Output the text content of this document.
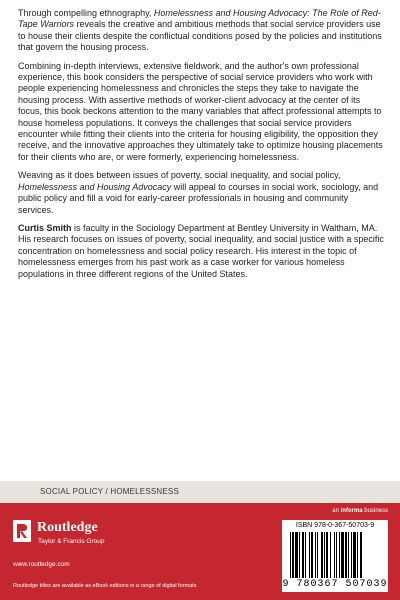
Through compelling ethnography, Homelessness and Housing Advocacy: The Role of Red-Tape Warriors reveals the creative and ambitious methods that social service providers use to house their clients despite the conflictual conditions posed by the policies and institutions that govern the housing process.

Combining in-depth interviews, extensive fieldwork, and the author's own professional experience, this book considers the perspective of social service providers who work with people experiencing homelessness and chronicles the steps they take to navigate the housing process. With assertive methods of worker-client advocacy at the center of its focus, this book beckons attention to the many variables that affect professional attempts to house homeless populations. It conveys the challenges that social service providers encounter while fitting their clients into the criteria for housing eligibility, the opposition they receive, and the innovative approaches they ultimately take to optimize housing placements for their clients who are, or were formerly, experiencing homelessness.

Weaving as it does between issues of poverty, social inequality, and social policy, Homelessness and Housing Advocacy will appeal to courses in social work, sociology, and public policy and fill a void for early-career professionals in housing and community services.

Curtis Smith is faculty in the Sociology Department at Bentley University in Waltham, MA. His research focuses on issues of poverty, social inequality, and social justice with a specific concentration on homelessness and social policy research. His interest in the topic of homelessness emerges from his past work as a case worker for various homeless populations in three different regions of the United States.

SOCIAL POLICY / HOMELESSNESS
an informa business
Routledge
Taylor & Francis Group
www.routledge.com
Routledge titles are available as eBook editions in a range of digital formats
ISBN 978-0-367-50703-9
9 780367 507039
